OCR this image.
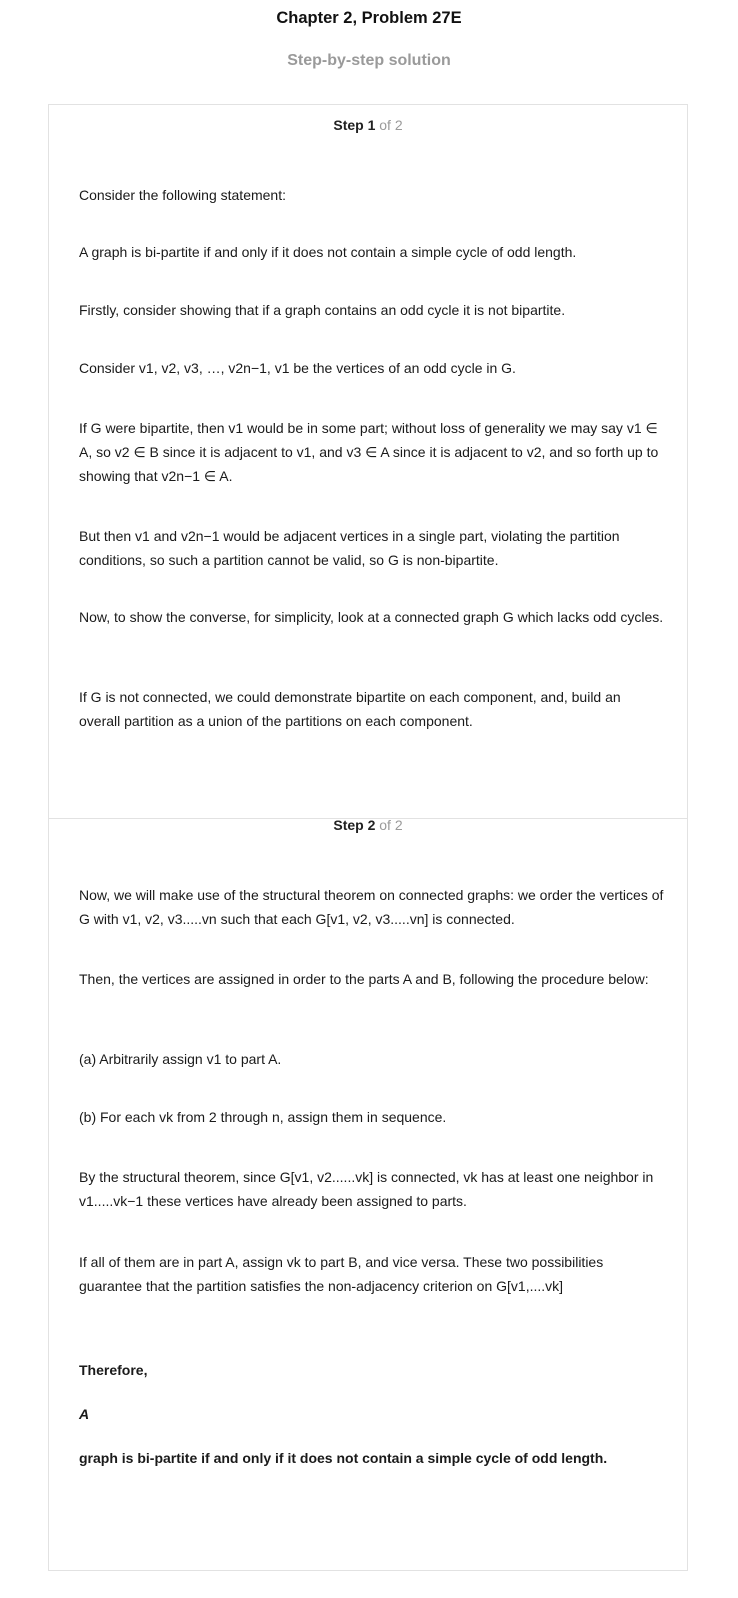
Chapter 2, Problem 27E
Step-by-step solution
Step 1 of 2
Consider the following statement:
A graph is bi-partite if and only if it does not contain a simple cycle of odd length.
Firstly, consider showing that if a graph contains an odd cycle it is not bipartite.
Consider v1, v2, v3, …, v2n−1, v1 be the vertices of an odd cycle in G.
If G were bipartite, then v1 would be in some part; without loss of generality we may say v1 ∈ A, so v2 ∈ B since it is adjacent to v1, and v3 ∈ A since it is adjacent to v2, and so forth up to showing that v2n−1 ∈ A.
But then v1 and v2n−1 would be adjacent vertices in a single part, violating the partition conditions, so such a partition cannot be valid, so G is non-bipartite.
Now, to show the converse, for simplicity, look at a connected graph G which lacks odd cycles.
If G is not connected, we could demonstrate bipartite on each component, and, build an overall partition as a union of the partitions on each component.
Step 2 of 2
Now, we will make use of the structural theorem on connected graphs: we order the vertices of G with v1, v2, v3.....vn such that each G[v1, v2, v3.....vn] is connected.
Then, the vertices are assigned in order to the parts A and B, following the procedure below:
(a) Arbitrarily assign v1 to part A.
(b) For each vk from 2 through n, assign them in sequence.
By the structural theorem, since G[v1, v2......vk] is connected, vk has at least one neighbor in v1.....vk−1 these vertices have already been assigned to parts.
If all of them are in part A, assign vk to part B, and vice versa. These two possibilities guarantee that the partition satisfies the non-adjacency criterion on G[v1,....vk]
Therefore,
A
graph is bi-partite if and only if it does not contain a simple cycle of odd length.
